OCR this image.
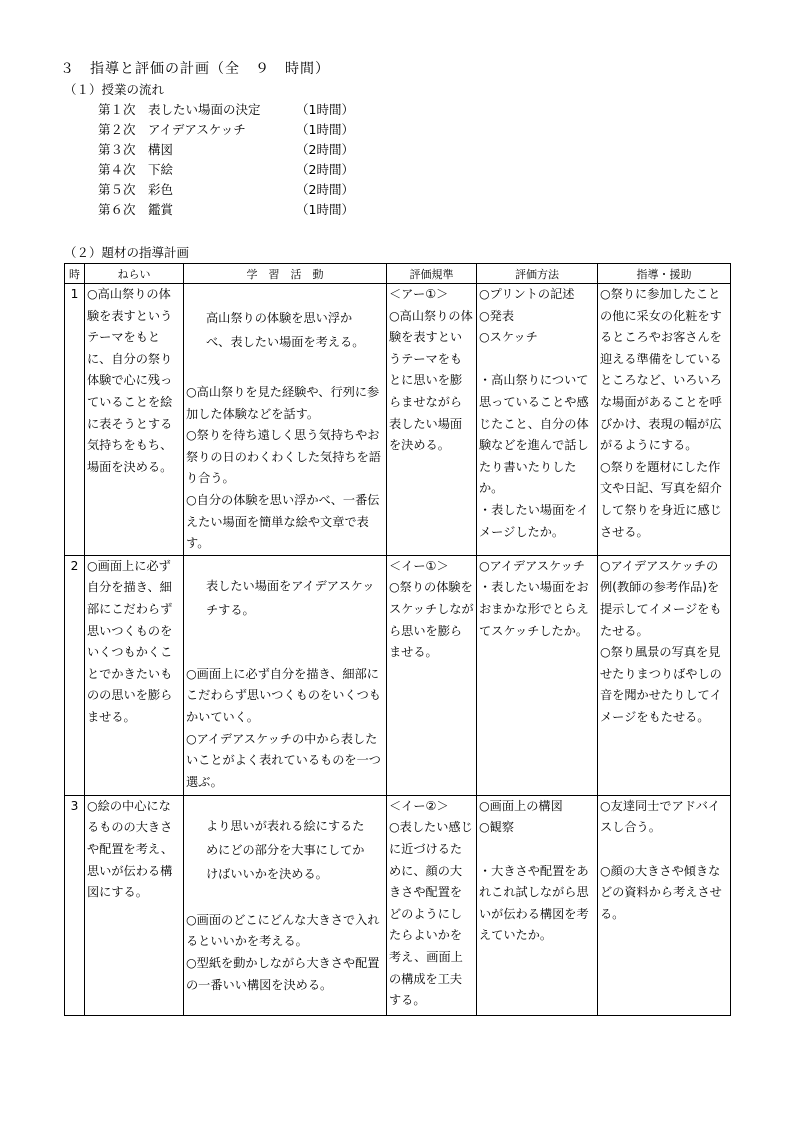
３　指導と評価の計画（全　９　時間）
（１）授業の流れ
第１次　表したい場面の決定	（1時間）
第２次　アイデアスケッチ	（1時間）
第３次　構図	（2時間）
第４次　下絵	（2時間）
第５次　彩色	（2時間）
第６次　鑑賞	（1時間）
（２）題材の指導計画
時	ねらい	学　習　活　動	評価規準	評価方法	指導・援助
1	○高山祭りの体験を表すというテーマをもとに、自分の祭り体験で心に残っていることを絵に表そうとする気持ちをもち、場面を決める。	高山祭りの体験を思い浮かべ、表したい場面を考える。
○高山祭りを見た経験や、行列に参加した体験などを話す。
○祭りを待ち遠しく思う気持ちやお祭りの日のわくわくした気持ちを語り合う。
○自分の体験を思い浮かべ、一番伝えたい場面を簡単な絵や文章で表す。	＜アー①＞
○高山祭りの体験を表すというテーマをもとに思いを膨らませながら表したい場面を決める。	○プリントの記述
○発表
○スケッチ
・高山祭りについて思っていることや感じたこと、自分の体験などを進んで話したり書いたりしたか。
・表したい場面をイメージしたか。	○祭りに参加したことの他に采女の化粧をするところやお客さんを迎える準備をしているところなど、いろいろな場面があることを呼びかけ、表現の幅が広がるようにする。
○祭りを題材にした作文や日記、写真を紹介して祭りを身近に感じさせる。

2	○画面上に必ず自分を描き、細部にこだわらず思いつくものをいくつもかくことでかきたいものの思いを膨らませる。	表したい場面をアイデアスケッチする。
○画面上に必ず自分を描き、細部にこだわらず思いつくものをいくつもかいていく。
○アイデアスケッチの中から表したいことがよく表れているものを一つ選ぶ。	＜イー①＞
○祭りの体験をスケッチしながら思いを膨らませる。	○アイデアスケッチ
・表したい場面をおおまかな形でとらえてスケッチしたか。	○アイデアスケッチの例(教師の参考作品)を提示してイメージをもたせる。
○祭り風景の写真を見せたりまつりばやしの音を聞かせたりしてイメージをもたせる。

3	○絵の中心になるものの大きさや配置を考え、思いが伝わる構図にする。	より思いが表れる絵にするためにどの部分を大事にしてかけばいいかを決める。
○画面のどこにどんな大きさで入れるといいかを考える。
○型紙を動かしながら大きさや配置の一番いい構図を決める。	＜イー②＞
○表したい感じに近づけるために、顔の大きさや配置をどのようにしたらよいかを考え、画面上の構成を工夫する。	○画面上の構図
○観察
・大きさや配置をあれこれ試しながら思いが伝わる構図を考えていたか。	○友達同士でアドバイスし合う。
○顔の大きさや傾きなどの資料から考えさせる。
